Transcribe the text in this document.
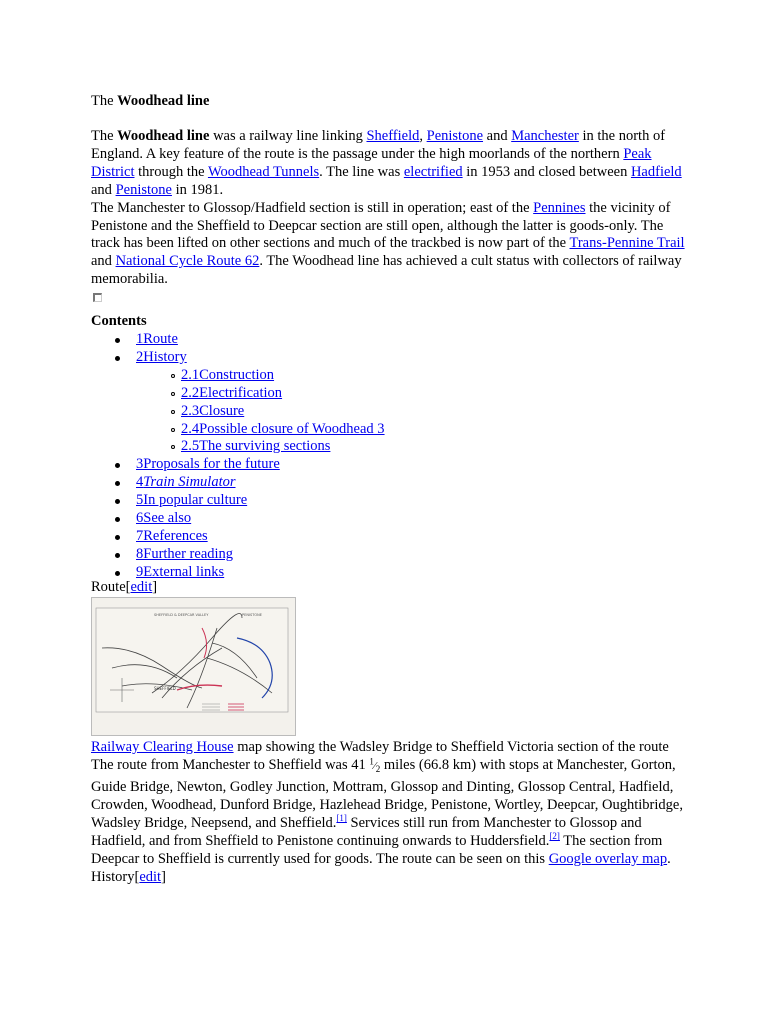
The Woodhead line
The Woodhead line was a railway line linking Sheffield, Penistone and Manchester in the north of England. A key feature of the route is the passage under the high moorlands of the northern Peak District through the Woodhead Tunnels. The line was electrified in 1953 and closed between Hadfield and Penistone in 1981.
The Manchester to Glossop/Hadfield section is still in operation; east of the Pennines the vicinity of Penistone and the Sheffield to Deepcar section are still open, although the latter is goods-only. The track has been lifted on other sections and much of the trackbed is now part of the Trans-Pennine Trail and National Cycle Route 62. The Woodhead line has achieved a cult status with collectors of railway memorabilia.
Contents
1Route
2History
2.1Construction
2.2Electrification
2.3Closure
2.4Possible closure of Woodhead 3
2.5The surviving sections
3Proposals for the future
4Train Simulator
5In popular culture
6See also
7References
8Further reading
9External links
Route[edit]
SHEFFIELD & DEEPCAR VALLEY	PENISTONE
SHEFFIELD
Railway Clearing House map showing the Wadsley Bridge to Sheffield Victoria section of the route
The route from Manchester to Sheffield was 41 $^1⁄_2$ miles (66.8 km) with stops at Manchester, Gorton, Guide Bridge, Newton, Godley Junction, Mottram, Glossop and Dinting, Glossop Central, Hadfield, Crowden, Woodhead, Dunford Bridge, Hazlehead Bridge, Penistone, Wortley, Deepcar, Oughtibridge, Wadsley Bridge, Neepsend, and Sheffield.[1] Services still run from Manchester to Glossop and Hadfield, and from Sheffield to Penistone continuing onwards to Huddersfield.[2] The section from Deepcar to Sheffield is currently used for goods. The route can be seen on this Google overlay map.
History[edit]
